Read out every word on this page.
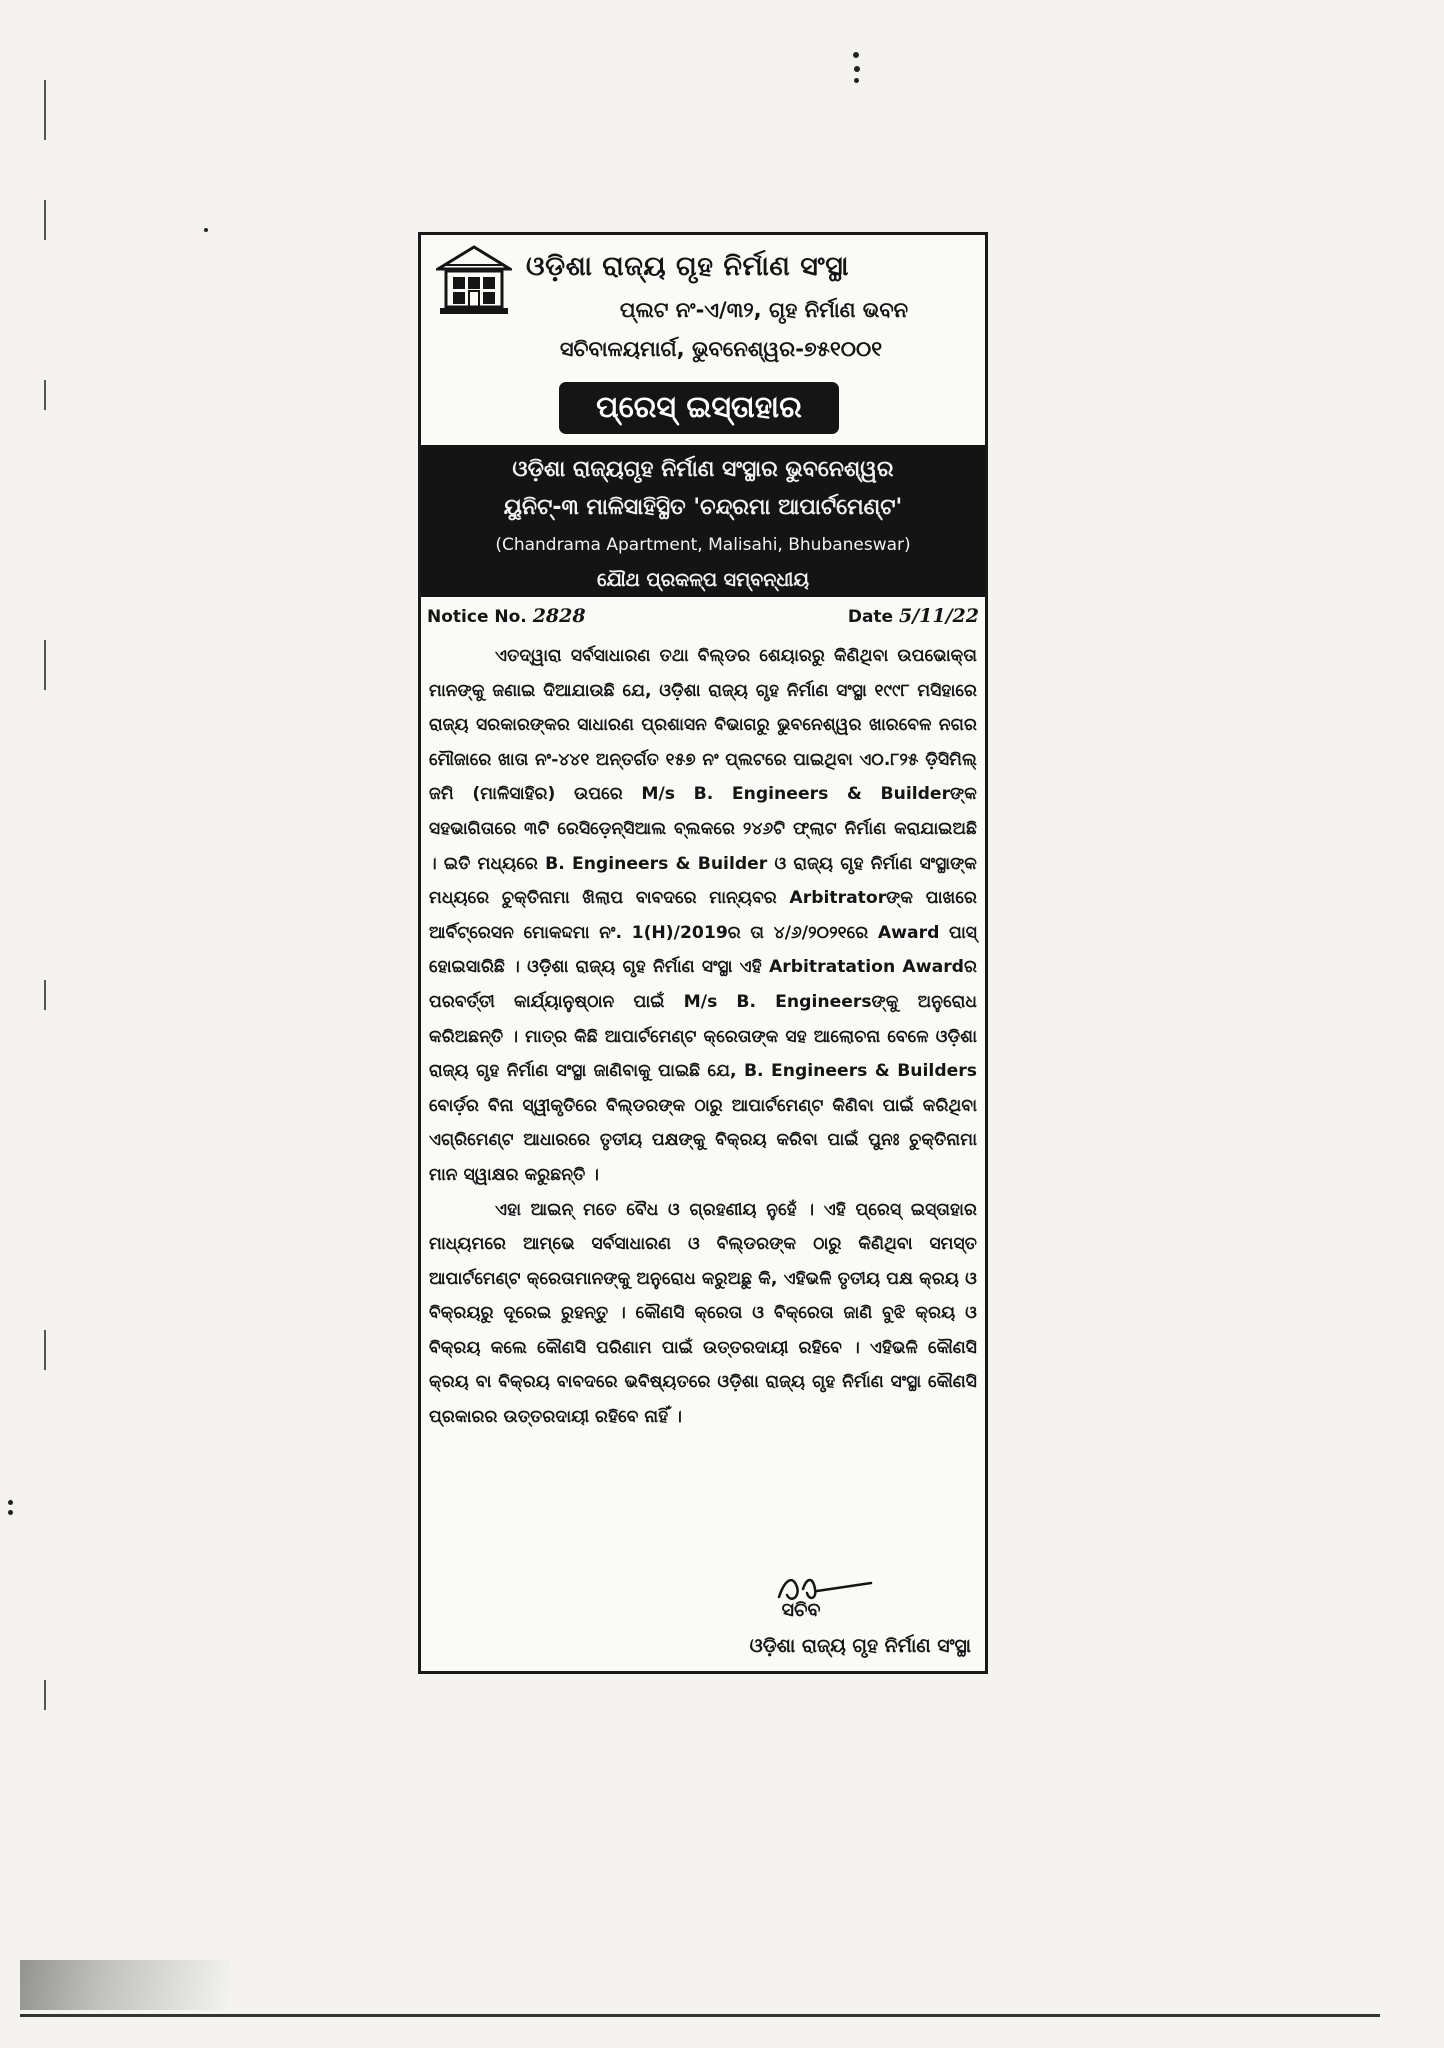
ଓଡ଼ିଶା ରାଜ୍ୟ ଗୃହ ନିର୍ମାଣ ସଂସ୍ଥା
ପ୍ଲଟ ନଂ-ଏ/୩୨, ଗୃହ ନିର୍ମାଣ ଭବନ
ସଚିବାଳୟମାର୍ଗ, ଭୁବନେଶ୍ୱର-୭୫୧୦୦୧
ପ୍ରେସ୍ ଇସ୍ତାହାର
ଓଡ଼ିଶା ରାଜ୍ୟଗୃହ ନିର୍ମାଣ ସଂସ୍ଥାର ଭୁବନେଶ୍ୱର
ୟୁନିଟ୍-୩ ମାଳିସାହିସ୍ଥିତ 'ଚନ୍ଦ୍ରମା ଆପାର୍ଟମେଣ୍ଟ'
(Chandrama Apartment, Malisahi, Bhubaneswar)
ଯୌଥ ପ୍ରକଳ୍ପ ସମ୍ବନ୍ଧୀୟ
Notice No. 2828	Date 5/11/22

ଏତଦ୍ୱାରା ସର୍ବସାଧାରଣ ତଥା ବିଲ୍ଡର ଶେୟାରରୁ କିଣିଥିବା ଉପଭୋକ୍ତା ମାନଙ୍କୁ ଜଣାଇ ଦିଆଯାଉଛି ଯେ, ଓଡ଼ିଶା ରାଜ୍ୟ ଗୃହ ନିର୍ମାଣ ସଂସ୍ଥା ୧୯୯୮ ମସିହାରେ ରାଜ୍ୟ ସରକାରଙ୍କର ସାଧାରଣ ପ୍ରଶାସନ ବିଭାଗରୁ ଭୁବନେଶ୍ୱର ଖାରବେଳ ନଗର ମୌଜାରେ ଖାତା ନଂ-୪୪୧ ଅନ୍ତର୍ଗତ ୧୫୭ ନଂ ପ୍ଲଟରେ ପାଇଥିବା ଏ୦.୮୨୫ ଡ଼ିସିମିଲ୍ ଜମି (ମାଳିସାହିର) ଉପରେ M/s B. Engineers & Builderଙ୍କ ସହଭାଗିତାରେ ୩ଟି ରେସିଡ଼େନ୍ସିଆଲ ବ୍ଲକରେ ୨୪୬ଟି ଫ୍ଲାଟ ନିର୍ମାଣ କରାଯାଇଅଛି । ଇତି ମଧ୍ୟରେ B. Engineers & Builder ଓ ରାଜ୍ୟ ଗୃହ ନିର୍ମାଣ ସଂସ୍ଥାଙ୍କ ମଧ୍ୟରେ ଚୁକ୍ତିନାମା ଖିଲାପ ବାବଦରେ ମାନ୍ୟବର Arbitratorଙ୍କ ପାଖରେ ଆର୍ବିଟ୍ରେସନ ମୋକଦ୍ଦମା ନଂ. 1(H)/2019ର ତା ୪/୬/୨୦୨୧ରେ Award ପାସ୍ ହୋଇସାରିଛି । ଓଡ଼ିଶା ରାଜ୍ୟ ଗୃହ ନିର୍ମାଣ ସଂସ୍ଥା ଏହି Arbitratation Awardର ପରବର୍ତ୍ତୀ କାର୍ଯ୍ୟାନୁଷ୍ଠାନ ପାଇଁ M/s B. Engineersଙ୍କୁ ଅନୁରୋଧ କରିଅଛନ୍ତି । ମାତ୍ର କିଛି ଆପାର୍ଟମେଣ୍ଟ କ୍ରେତାଙ୍କ ସହ ଆଲୋଚନା ବେଳେ ଓଡ଼ିଶା ରାଜ୍ୟ ଗୃହ ନିର୍ମାଣ ସଂସ୍ଥା ଜାଣିବାକୁ ପାଇଛି ଯେ, B. Engineers & Builders ବୋର୍ଡ଼ର ବିନା ସ୍ୱୀକୃତିରେ ବିଲ୍ଡରଙ୍କ ଠାରୁ ଆପାର୍ଟମେଣ୍ଟ କିଣିବା ପାଇଁ କରିଥିବା ଏଗ୍ରିମେଣ୍ଟ ଆଧାରରେ ତୃତୀୟ ପକ୍ଷଙ୍କୁ ବିକ୍ରୟ କରିବା ପାଇଁ ପୁନଃ ଚୁକ୍ତିନାମା ମାନ ସ୍ୱାକ୍ଷର କରୁଛନ୍ତି ।

ଏହା ଆଇନ୍ ମତେ ବୈଧ ଓ ଗ୍ରହଣୀୟ ନୁହେଁ । ଏହି ପ୍ରେସ୍ ଇସ୍ତାହାର ମାଧ୍ୟମରେ ଆମ୍ଭେ ସର୍ବସାଧାରଣ ଓ ବିଲ୍ଡରଙ୍କ ଠାରୁ କିଣିଥିବା ସମସ୍ତ ଆପାର୍ଟମେଣ୍ଟ କ୍ରେତାମାନଙ୍କୁ ଅନୁରୋଧ କରୁଅଛୁ କି, ଏହିଭଳି ତୃତୀୟ ପକ୍ଷ କ୍ରୟ ଓ ବିକ୍ରୟରୁ ଦୂରେଇ ରୁହନ୍ତୁ । କୌଣସି କ୍ରେତା ଓ ବିକ୍ରେତା ଜାଣି ବୁଝି କ୍ରୟ ଓ ବିକ୍ରୟ କଲେ କୌଣସି ପରିଣାମ ପାଇଁ ଉତ୍ତରଦାୟୀ ରହିବେ । ଏହିଭଳି କୌଣସି କ୍ରୟ ବା ବିକ୍ରୟ ବାବଦରେ ଭବିଷ୍ୟତରେ ଓଡ଼ିଶା ରାଜ୍ୟ ଗୃହ ନିର୍ମାଣ ସଂସ୍ଥା କୌଣସି ପ୍ରକାରର ଉତ୍ତରଦାୟୀ ରହିବେ ନାହିଁ ।

ସଚିବ
ଓଡ଼ିଶା ରାଜ୍ୟ ଗୃହ ନିର୍ମାଣ ସଂସ୍ଥା
